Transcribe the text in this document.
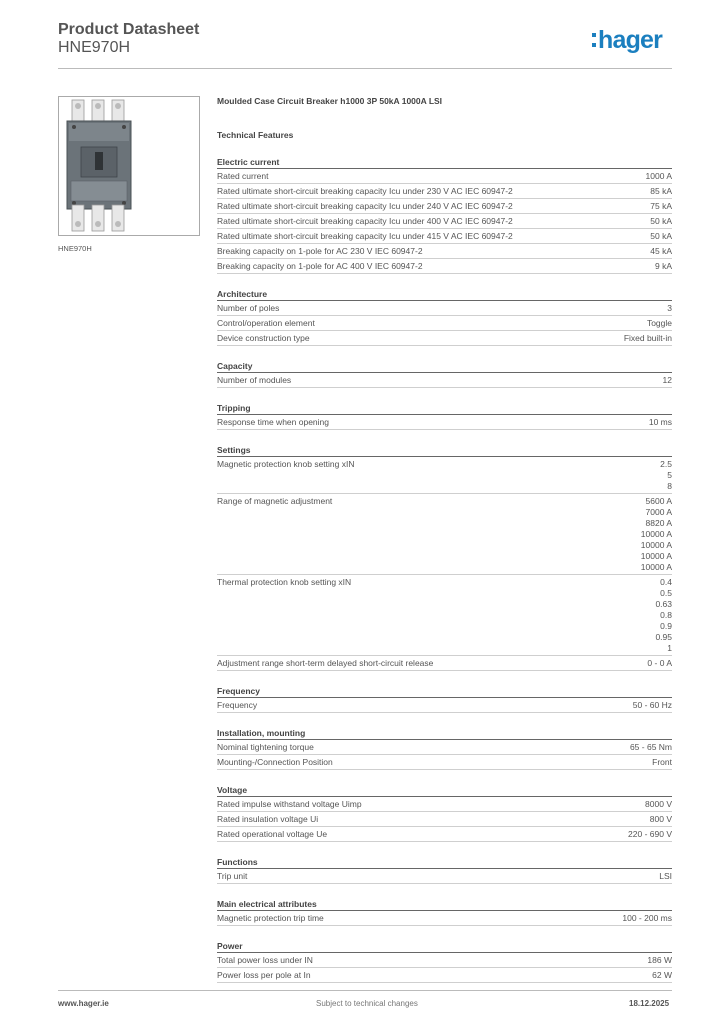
Product Datasheet
HNE970H	hager
HNE970H
Moulded Case Circuit Breaker h1000 3P 50kA 1000A LSI
Technical Features
Electric current
Rated current	1000 A
Rated ultimate short-circuit breaking capacity Icu under 230 V AC IEC 60947-2	85 kA
Rated ultimate short-circuit breaking capacity Icu under 240 V AC IEC 60947-2	75 kA
Rated ultimate short-circuit breaking capacity Icu under 400 V AC IEC 60947-2	50 kA
Rated ultimate short-circuit breaking capacity Icu under 415 V AC IEC 60947-2	50 kA
Breaking capacity on 1-pole for AC 230 V IEC 60947-2	45 kA
Breaking capacity on 1-pole for AC 400 V IEC 60947-2	9 kA
Architecture
Number of poles	3
Control/operation element	Toggle
Device construction type	Fixed built-in
Capacity
Number of modules	12
Tripping
Response time when opening	10 ms
Settings
Magnetic protection knob setting xIN	2.5
5
8
Range of magnetic adjustment	5600 A
7000 A
8820 A
10000 A
10000 A
10000 A
10000 A
Thermal protection knob setting xIN	0.4
0.5
0.63
0.8
0.9
0.95
1
Adjustment range short-term delayed short-circuit release	0 - 0 A
Frequency
Frequency	50 - 60 Hz
Installation, mounting
Nominal tightening torque	65 - 65 Nm
Mounting-/Connection Position	Front
Voltage
Rated impulse withstand voltage Uimp	8000 V
Rated insulation voltage Ui	800 V
Rated operational voltage Ue	220 - 690 V
Functions
Trip unit	LSI
Main electrical attributes
Magnetic protection trip time	100 - 200 ms
Power
Total power loss under IN	186 W
Power loss per pole at In	62 W
www.hager.ie	Subject to technical changes	18.12.2025
